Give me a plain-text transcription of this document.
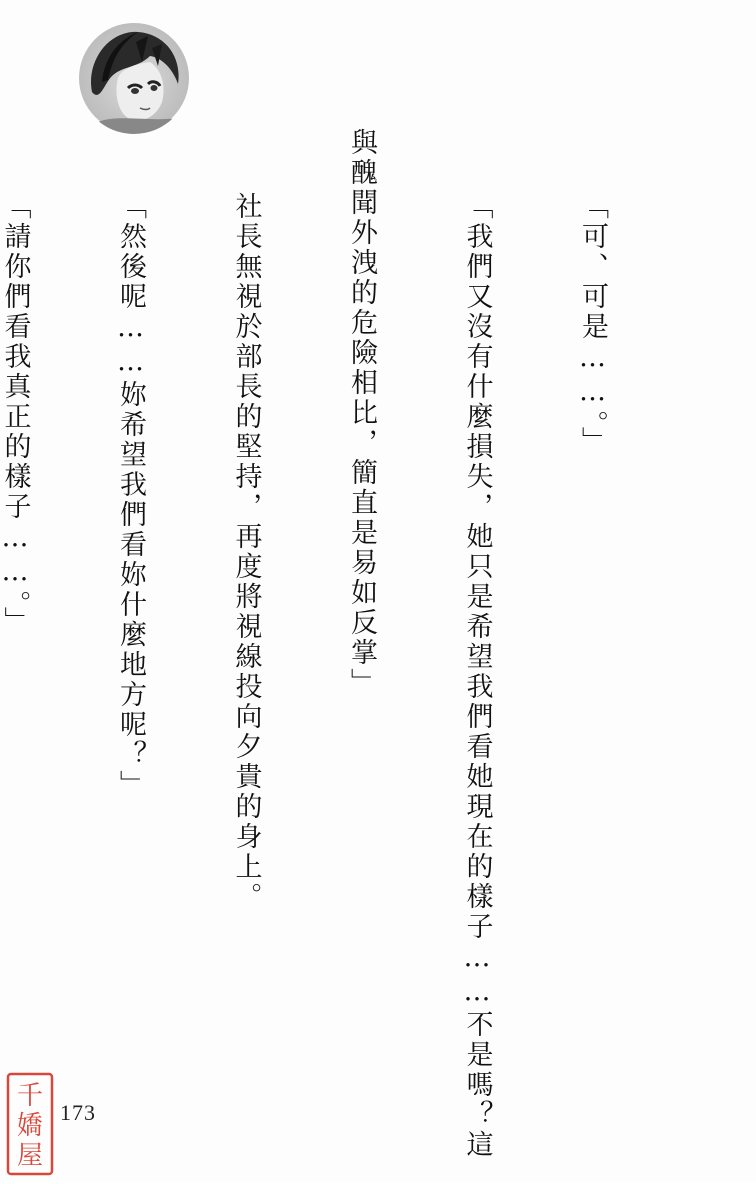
「可、可是……。」

「我們又沒有什麼損失，她只是希望我們看她現在的樣子……不是嗎？這

與醜聞外洩的危險相比，簡直是易如反掌」

社長無視於部長的堅持，再度將視線投向夕貴的身上。

「然後呢……妳希望我們看妳什麼地方呢？」

「請你們看我真正的樣子……。」

173
千
嬌
屋
